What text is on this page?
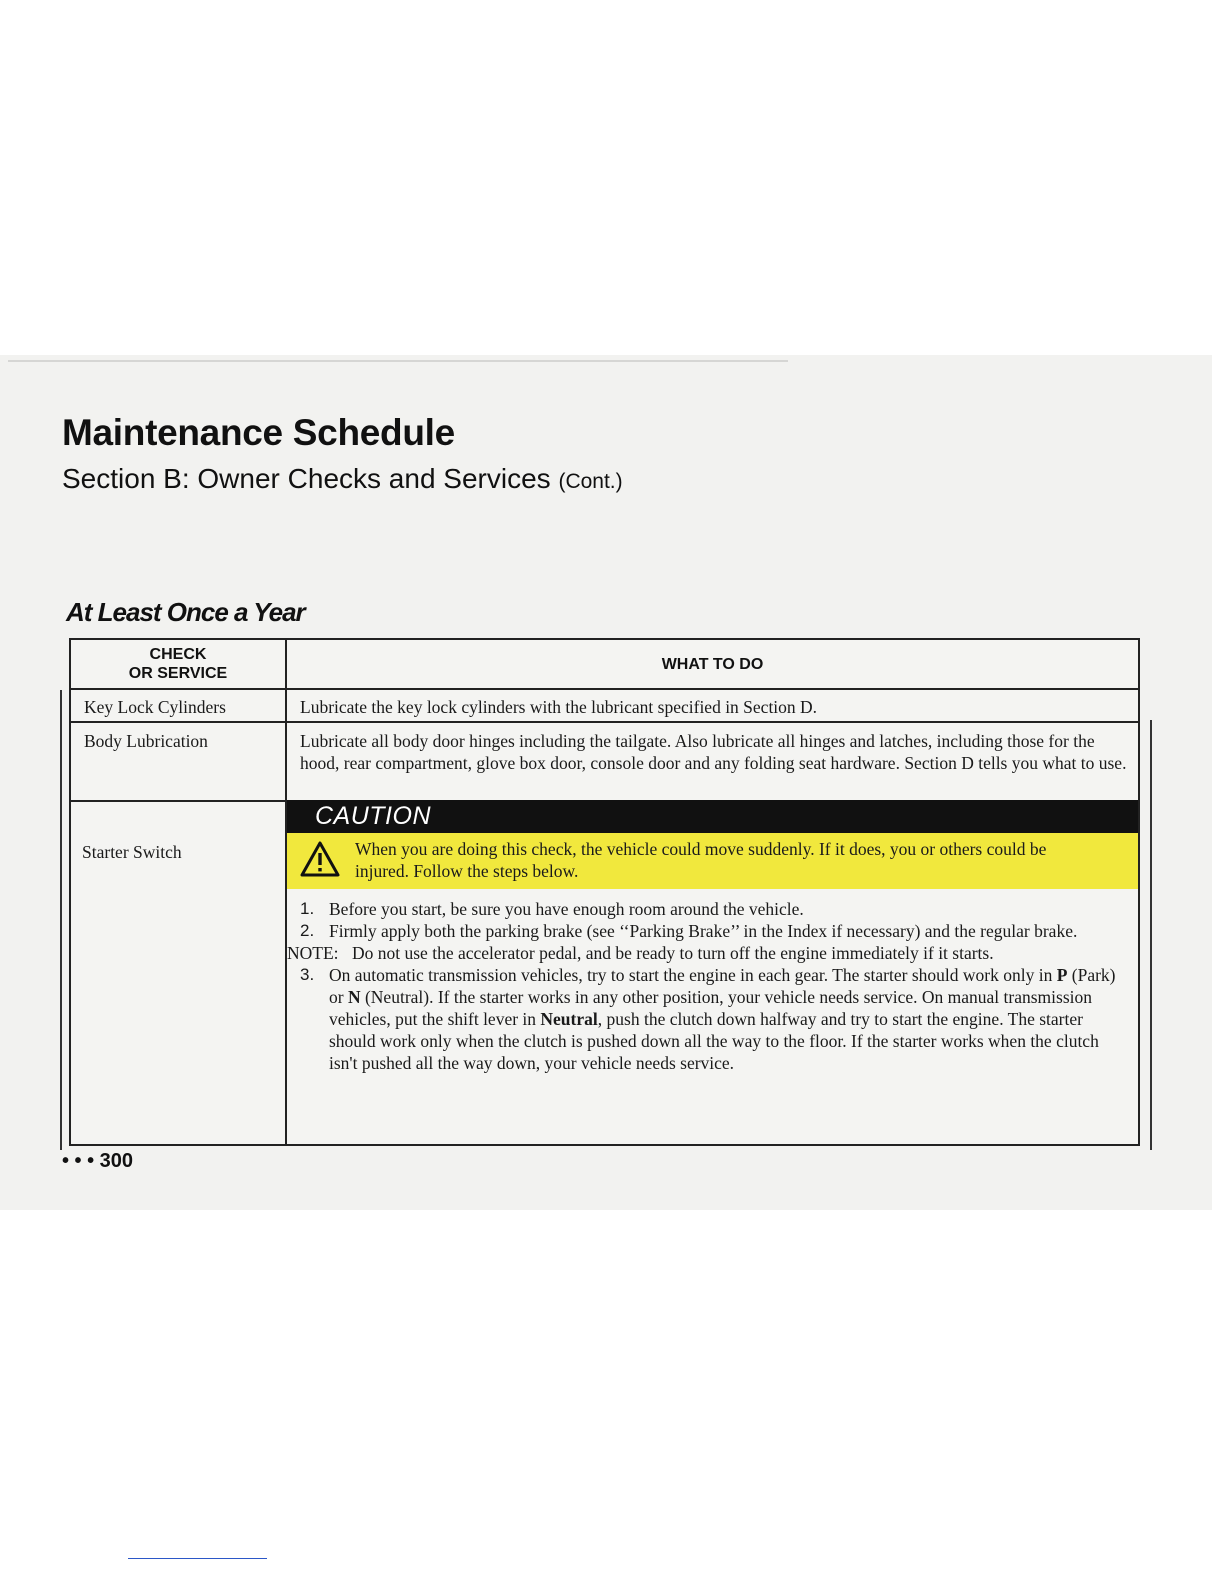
Maintenance Schedule
Section B: Owner Checks and Services (Cont.)
At Least Once a Year
CHECK
OR SERVICE
WHAT TO DO
Key Lock Cylinders	Lubricate the key lock cylinders with the lubricant specified in Section D.
Body Lubrication	Lubricate all body door hinges including the tailgate. Also lubricate all hinges and latches, including those for the hood, rear compartment, glove box door, console door and any folding seat hardware. Section D tells you what to use.
Starter Switch
CAUTION
When you are doing this check, the vehicle could move suddenly. If it does, you or others could be injured. Follow the steps below.
1. Before you start, be sure you have enough room around the vehicle.
2. Firmly apply both the parking brake (see ‘‘Parking Brake’’ in the Index if necessary) and the regular brake.
NOTE: Do not use the accelerator pedal, and be ready to turn off the engine immediately if it starts.
3. On automatic transmission vehicles, try to start the engine in each gear. The starter should work only in P (Park) or N (Neutral). If the starter works in any other position, your vehicle needs service. On manual transmission vehicles, put the shift lever in Neutral, push the clutch down halfway and try to start the engine. The starter should work only when the clutch is pushed down all the way to the floor. If the starter works when the clutch isn't pushed all the way down, your vehicle needs service.
• • • 300
